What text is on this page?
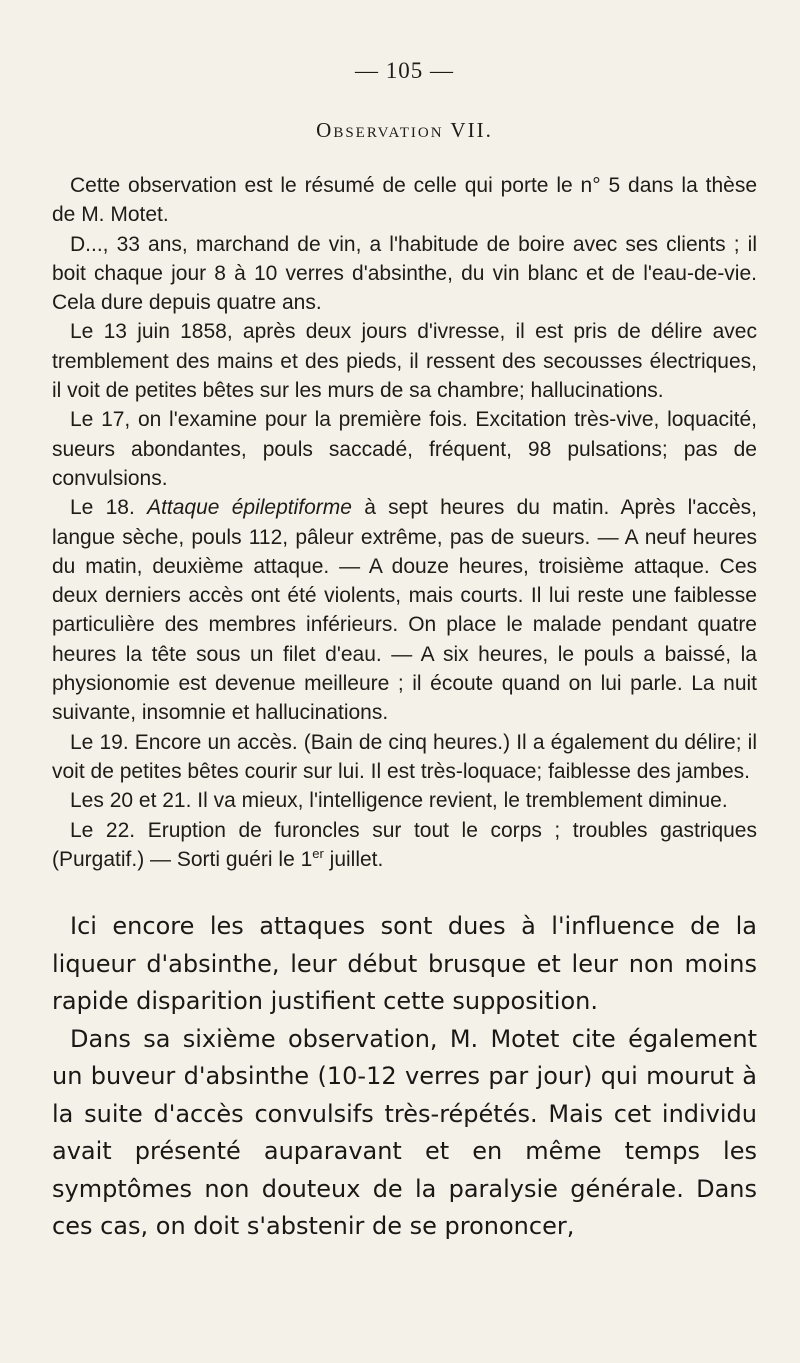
— 105 —
Observation VII.

Cette observation est le résumé de celle qui porte le n° 5 dans la thèse de M. Motet.

D..., 33 ans, marchand de vin, a l'habitude de boire avec ses clients ; il boit chaque jour 8 à 10 verres d'absinthe, du vin blanc et de l'eau-de-vie. Cela dure depuis quatre ans.

Le 13 juin 1858, après deux jours d'ivresse, il est pris de délire avec tremblement des mains et des pieds, il ressent des secousses électriques, il voit de petites bêtes sur les murs de sa chambre; hallucinations.

Le 17, on l'examine pour la première fois. Excitation très-vive, loquacité, sueurs abondantes, pouls saccadé, fréquent, 98 pulsations; pas de convulsions.

Le 18. Attaque épileptiforme à sept heures du matin. Après l'accès, langue sèche, pouls 112, pâleur extrême, pas de sueurs. — A neuf heures du matin, deuxième attaque. — A douze heures, troisième attaque. Ces deux derniers accès ont été violents, mais courts. Il lui reste une faiblesse particulière des membres inférieurs. On place le malade pendant quatre heures la tête sous un filet d'eau. — A six heures, le pouls a baissé, la physionomie est devenue meilleure ; il écoute quand on lui parle. La nuit suivante, insomnie et hallucinations.

Le 19. Encore un accès. (Bain de cinq heures.) Il a également du délire; il voit de petites bêtes courir sur lui. Il est très-loquace; faiblesse des jambes.

Les 20 et 21. Il va mieux, l'intelligence revient, le tremblement diminue.

Le 22. Eruption de furoncles sur tout le corps ; troubles gastriques (Purgatif.) — Sorti guéri le 1er juillet.

Ici encore les attaques sont dues à l'influence de la liqueur d'absinthe, leur début brusque et leur non moins rapide disparition justifient cette supposition.

Dans sa sixième observation, M. Motet cite également un buveur d'absinthe (10-12 verres par jour) qui mourut à la suite d'accès convulsifs très-répétés. Mais cet individu avait présenté auparavant et en même temps les symptômes non douteux de la paralysie générale. Dans ces cas, on doit s'abstenir de se prononcer,
